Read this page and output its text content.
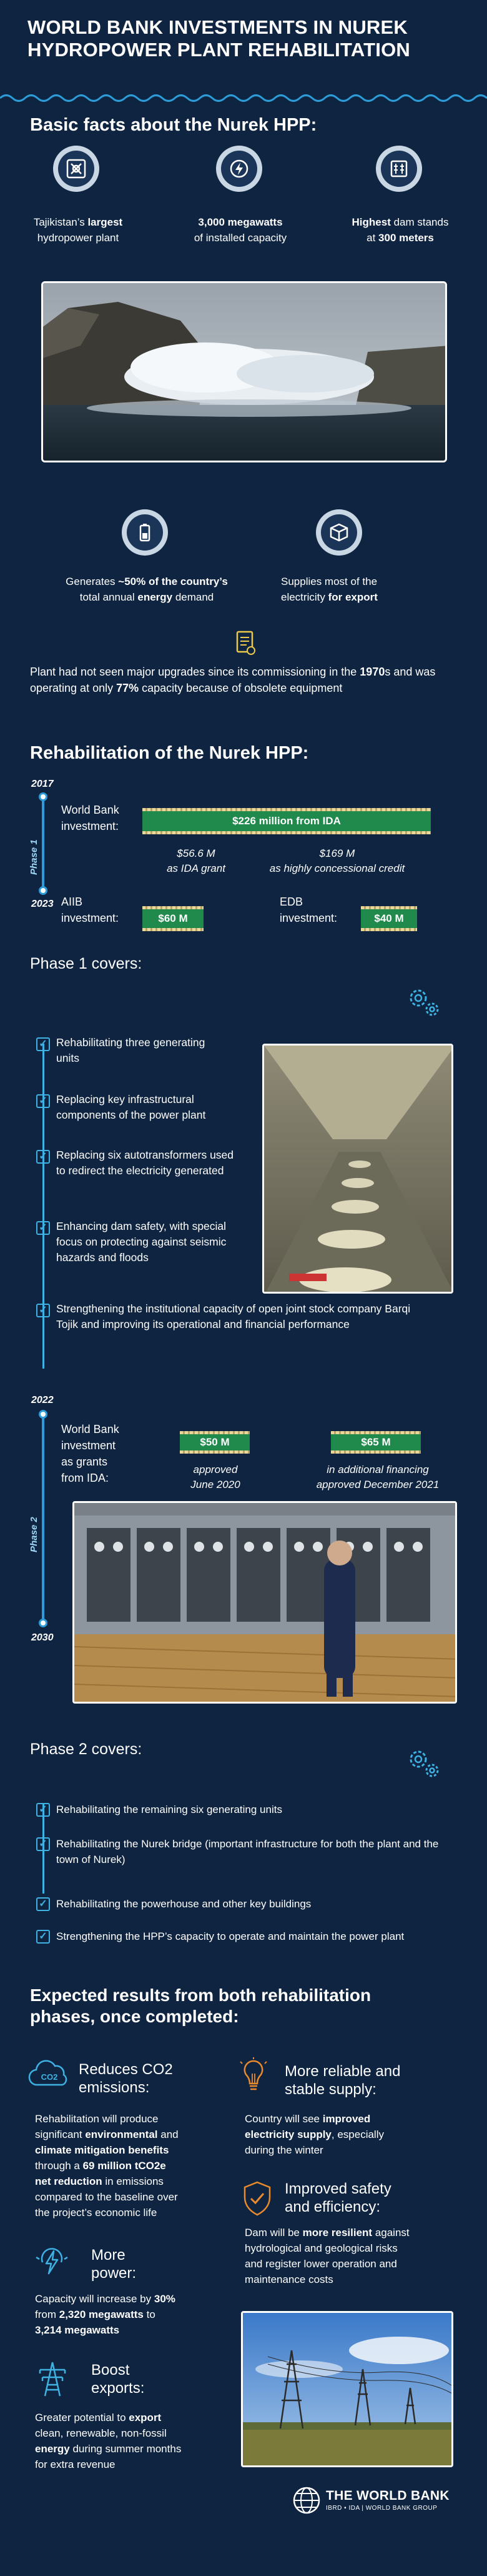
WORLD BANK INVESTMENTS IN NUREK HYDROPOWER PLANT REHABILITATION
Basic facts about the Nurek HPP:
Tajikistan’s largest
hydropower plant
3,000 megawatts
of installed capacity
Highest dam stands
at 300 meters
Generates ~50% of the country’s
total annual energy demand
Supplies most of the
electricity for export
Plant had not seen major upgrades since its commissioning in the 1970s and was operating at only 77% capacity because of obsolete equipment
Rehabilitation of the Nurek HPP:
2017
2023
Phase 1
World Bank
investment:	$226 million from IDA
$56.6 M
as IDA grant
$169 M
as highly concessional credit
AIIB
investment:	$60 M
EDB
investment:	$40 M
Phase 1 covers:
✓ Rehabilitating three generating units
✓ Replacing key infrastructural components of the power plant
✓ Replacing six autotransformers used to redirect the electricity generated
✓ Enhancing dam safety, with special focus on protecting against seismic hazards and floods
✓ Strengthening the institutional capacity of open joint stock company Barqi Tojik and improving its operational and financial performance
2022
2030
Phase 2
World Bank
investment
as grants
from IDA:
$50 M
approved
June 2020
$65 M
in additional financing
approved December 2021
Phase 2 covers:
✓ Rehabilitating the remaining six generating units
✓ Rehabilitating the Nurek bridge (important infrastructure for both the plant and the town of Nurek)
✓ Rehabilitating the powerhouse and other key buildings
✓ Strengthening the HPP’s capacity to operate and maintain the power plant
Expected results from both rehabilitation
phases, once completed:
CO2 Reduces CO2
emissions:
Rehabilitation will produce
significant environmental and
climate mitigation benefits
through a 69 million tCO2e
net reduction in emissions
compared to the baseline over
the project’s economic life
More reliable and
stable supply:
Country will see improved
electricity supply, especially
during the winter
Improved safety
and efficiency:
Dam will be more resilient against
hydrological and geological risks
and register lower operation and
maintenance costs
More
power:
Capacity will increase by 30%
from 2,320 megawatts to
3,214 megawatts
Boost
exports:
Greater potential to export
clean, renewable, non-fossil
energy during summer months
for extra revenue
THE WORLD BANK
IBRD • IDA | WORLD BANK GROUP
